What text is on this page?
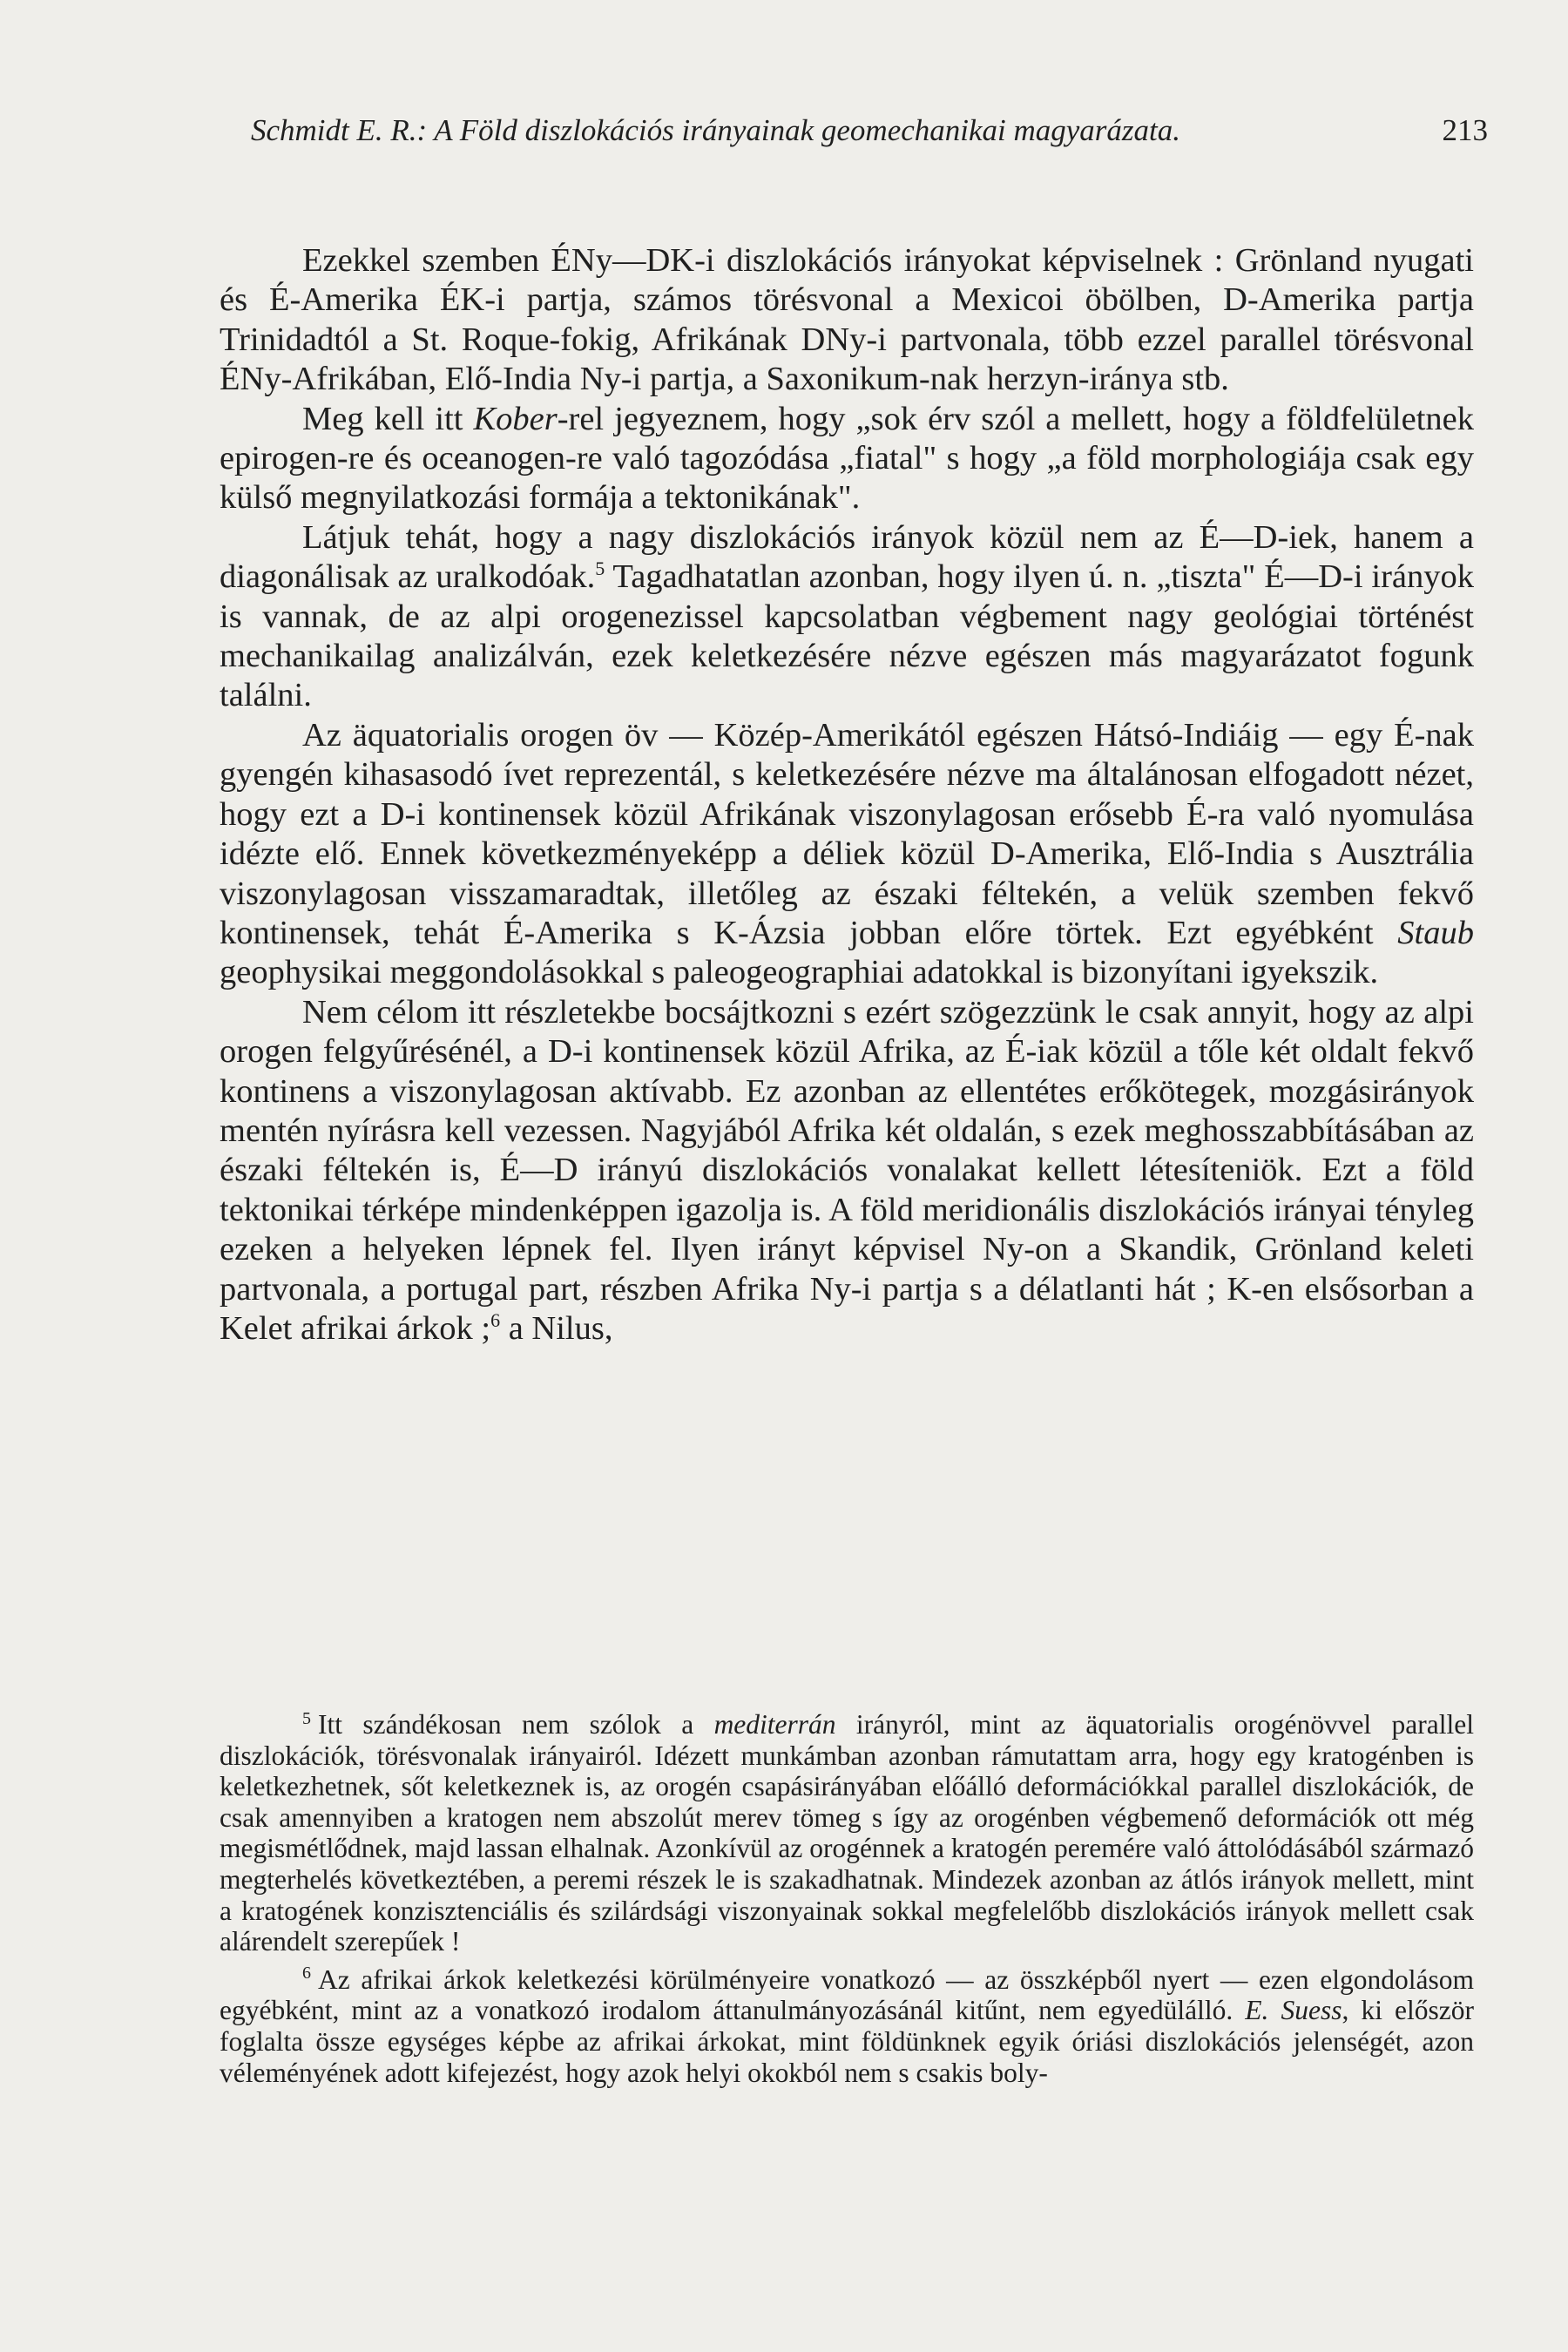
Schmidt E. R.: A Föld diszlokációs irányainak geomechanikai magyarázata.	213

Ezekkel szemben ÉNy—DK-i diszlokációs irányokat képviselnek : Grönland nyugati és É-Amerika ÉK-i partja, számos törésvonal a Mexicoi öbölben, D-Amerika partja Trinidadtól a St. Roque-fokig, Afrikának DNy-i partvonala, több ezzel parallel törésvonal ÉNy-Afrikában, Elő-India Ny-i partja, a Saxonikum-nak herzyn-iránya stb.

Meg kell itt Kober-rel jegyeznem, hogy „sok érv szól a mellett, hogy a földfelületnek epirogen-re és oceanogen-re való tagozódása „fiatal" s hogy „a föld morphologiája csak egy külső megnyilatkozási formája a tektonikának".

Látjuk tehát, hogy a nagy diszlokációs irányok közül nem az É—D-iek, hanem a diagonálisak az uralkodóak.$^5$ Tagadhatatlan azonban, hogy ilyen ú. n. „tiszta" É—D-i irányok is vannak, de az alpi orogenezissel kapcsolatban végbement nagy geológiai történést mechanikailag analizálván, ezek keletkezésére nézve egészen más magyarázatot fogunk találni.

Az äquatorialis orogen öv — Közép-Amerikától egészen Hátsó-Indiáig — egy É-nak gyengén kihasasodó ívet reprezentál, s keletkezésére nézve ma általánosan elfogadott nézet, hogy ezt a D-i kontinensek közül Afrikának viszonylagosan erősebb É-ra való nyomulása idézte elő. Ennek következményeképp a déliek közül D-Amerika, Elő-India s Ausztrália viszonylagosan visszamaradtak, illetőleg az északi féltekén, a velük szemben fekvő kontinensek, tehát É-Amerika s K-Ázsia jobban előre törtek. Ezt egyébként Staub geophysikai meggondolásokkal s paleogeographiai adatokkal is bizonyítani igyekszik.

Nem célom itt részletekbe bocsájtkozni s ezért szögezzünk le csak annyit, hogy az alpi orogen felgyűrésénél, a D-i kontinensek közül Afrika, az É-iak közül a tőle két oldalt fekvő kontinens a viszonylagosan aktívabb. Ez azonban az ellentétes erőkötegek, mozgásirányok mentén nyírásra kell vezessen. Nagyjából Afrika két oldalán, s ezek meghosszabbításában az északi féltekén is, É—D irányú diszlokációs vonalakat kellett létesíteniök. Ezt a föld tektonikai térképe mindenképpen igazolja is. A föld meridionális diszlokációs irányai tényleg ezeken a helyeken lépnek fel. Ilyen irányt képvisel Ny-on a Skandik, Grönland keleti partvonala, a portugal part, részben Afrika Ny-i partja s a délatlanti hát ; K-en elsősorban a Kelet afrikai árkok ;$^6$ a Nilus,

$^5$ Itt szándékosan nem szólok a mediterrán irányról, mint az äquatorialis orogénövvel parallel diszlokációk, törésvonalak irányairól. Idézett munkámban azonban rámutattam arra, hogy egy kratogénben is keletkezhetnek, sőt keletkeznek is, az orogén csapásirányában előálló deformációkkal parallel diszlokációk, de csak amennyiben a kratogen nem abszolút merev tömeg s így az orogénben végbemenő deformációk ott még megismétlődnek, majd lassan elhalnak. Azonkívül az orogénnek a kratogén peremére való áttolódásából származó megterhelés következtében, a peremi részek le is szakadhatnak. Mindezek azonban az átlós irányok mellett, mint a kratogének konzisztenciális és szilárdsági viszonyainak sokkal megfelelőbb diszlokációs irányok mellett csak alárendelt szerepűek !

$^6$ Az afrikai árkok keletkezési körülményeire vonatkozó — az összképből nyert — ezen elgondolásom egyébként, mint az a vonatkozó irodalom áttanulmányozásánál kitűnt, nem egyedülálló. E. Suess, ki először foglalta össze egységes képbe az afrikai árkokat, mint földünknek egyik óriási diszlokációs jelenségét, azon véleményének adott kifejezést, hogy azok helyi okokból nem s csakis boly-
